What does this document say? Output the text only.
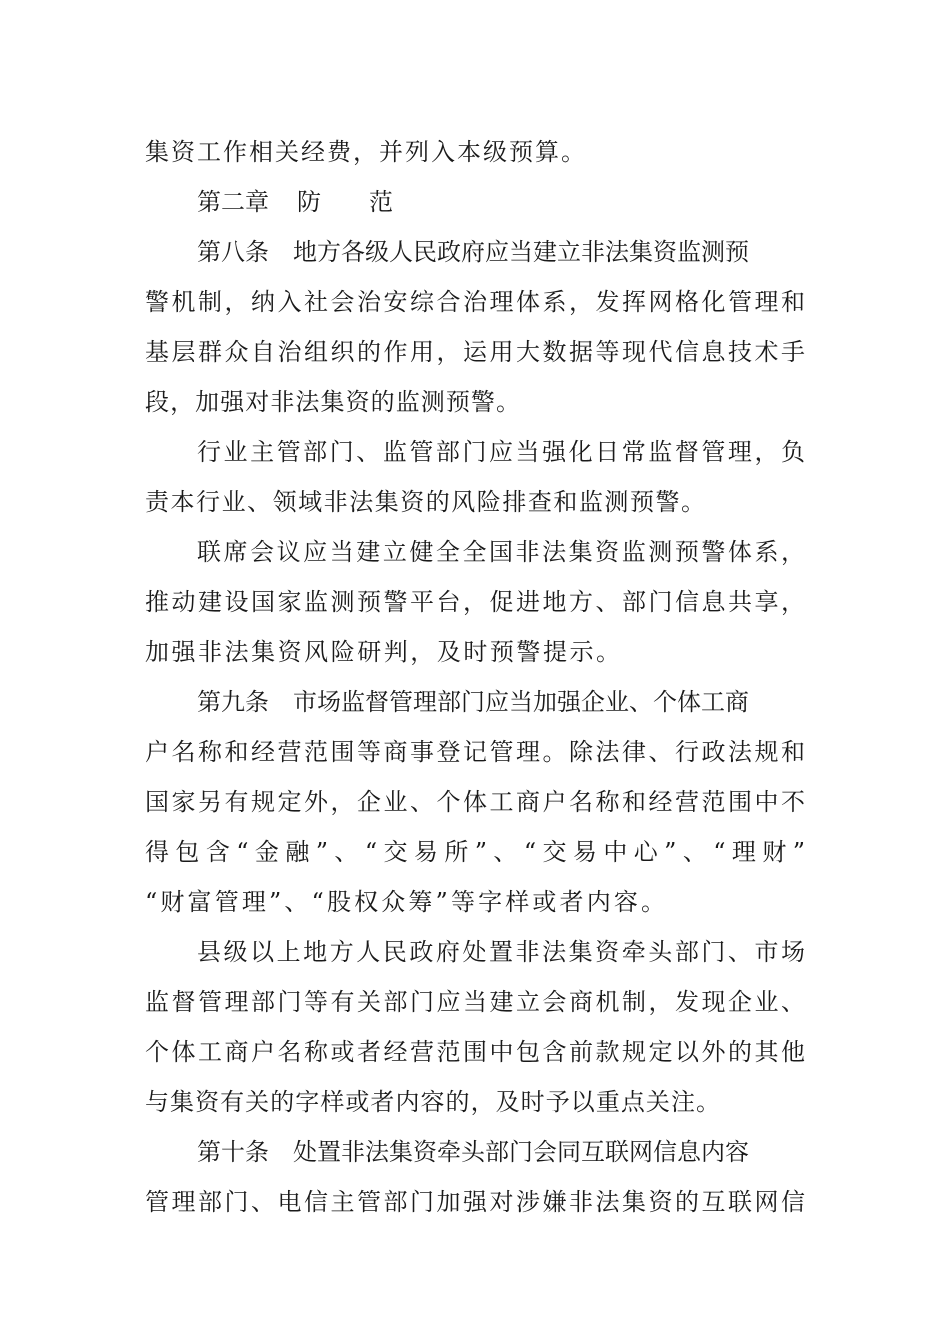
集资工作相关经费，并列入本级预算。
第二章 防 范
第八条 地方各级人民政府应当建立非法集资监测预
警机制，纳入社会治安综合治理体系，发挥网格化管理和
基层群众自治组织的作用，运用大数据等现代信息技术手
段，加强对非法集资的监测预警。
行业主管部门、监管部门应当强化日常监督管理，负
责本行业、领域非法集资的风险排查和监测预警。
联席会议应当建立健全全国非法集资监测预警体系，
推动建设国家监测预警平台，促进地方、部门信息共享，
加强非法集资风险研判，及时预警提示。
第九条 市场监督管理部门应当加强企业、个体工商
户名称和经营范围等商事登记管理。除法律、行政法规和
国家另有规定外，企业、个体工商户名称和经营范围中不
得包含“金融”、“交易所”、“交易中心”、“理财”
“财富管理”、“股权众筹”等字样或者内容。
县级以上地方人民政府处置非法集资牵头部门、市场
监督管理部门等有关部门应当建立会商机制，发现企业、
个体工商户名称或者经营范围中包含前款规定以外的其他
与集资有关的字样或者内容的，及时予以重点关注。
第十条 处置非法集资牵头部门会同互联网信息内容
管理部门、电信主管部门加强对涉嫌非法集资的互联网信
